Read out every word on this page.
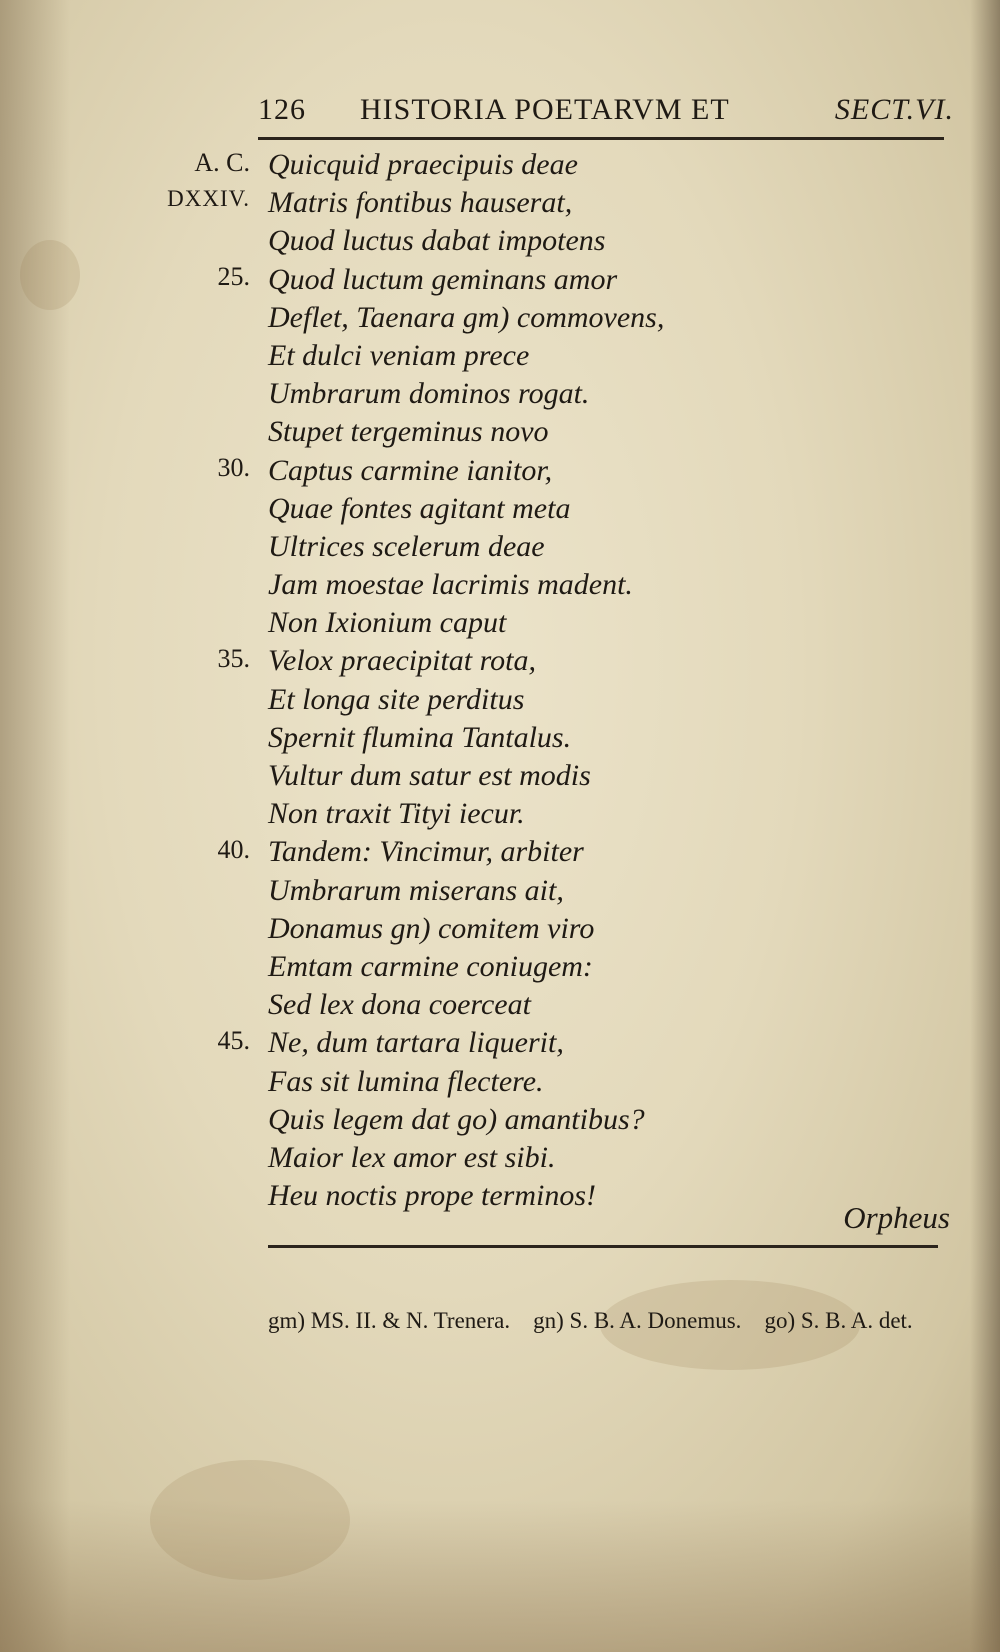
126 HISTORIA POETARVM ET	SECT.VI.
A. C.
DXXIV.
25.
30.
35.
40.
45.
Quicquid praecipuis deae
Matris fontibus hauserat,
Quod luctus dabat impotens
Quod luctum geminans amor
Deflet, Taenara gm) commovens,
Et dulci veniam prece
Umbrarum dominos rogat.
Stupet tergeminus novo
Captus carmine ianitor,
Quae fontes agitant meta
Ultrices scelerum deae
Jam moestae lacrimis madent.
Non Ixionium caput
Velox praecipitat rota,
Et longa site perditus
Spernit flumina Tantalus.
Vultur dum satur est modis
Non traxit Tityi iecur.
Tandem: Vincimur, arbiter
Umbrarum miserans ait,
Donamus gn) comitem viro
Emtam carmine coniugem:
Sed lex dona coerceat
Ne, dum tartara liquerit,
Fas sit lumina flectere.
Quis legem dat go) amantibus?
Maior lex amor est sibi.
Heu noctis prope terminos!
Orpheus
gm) MS. II. & N. Trenera. gn) S. B. A. Donemus. go) S. B. A. det.
